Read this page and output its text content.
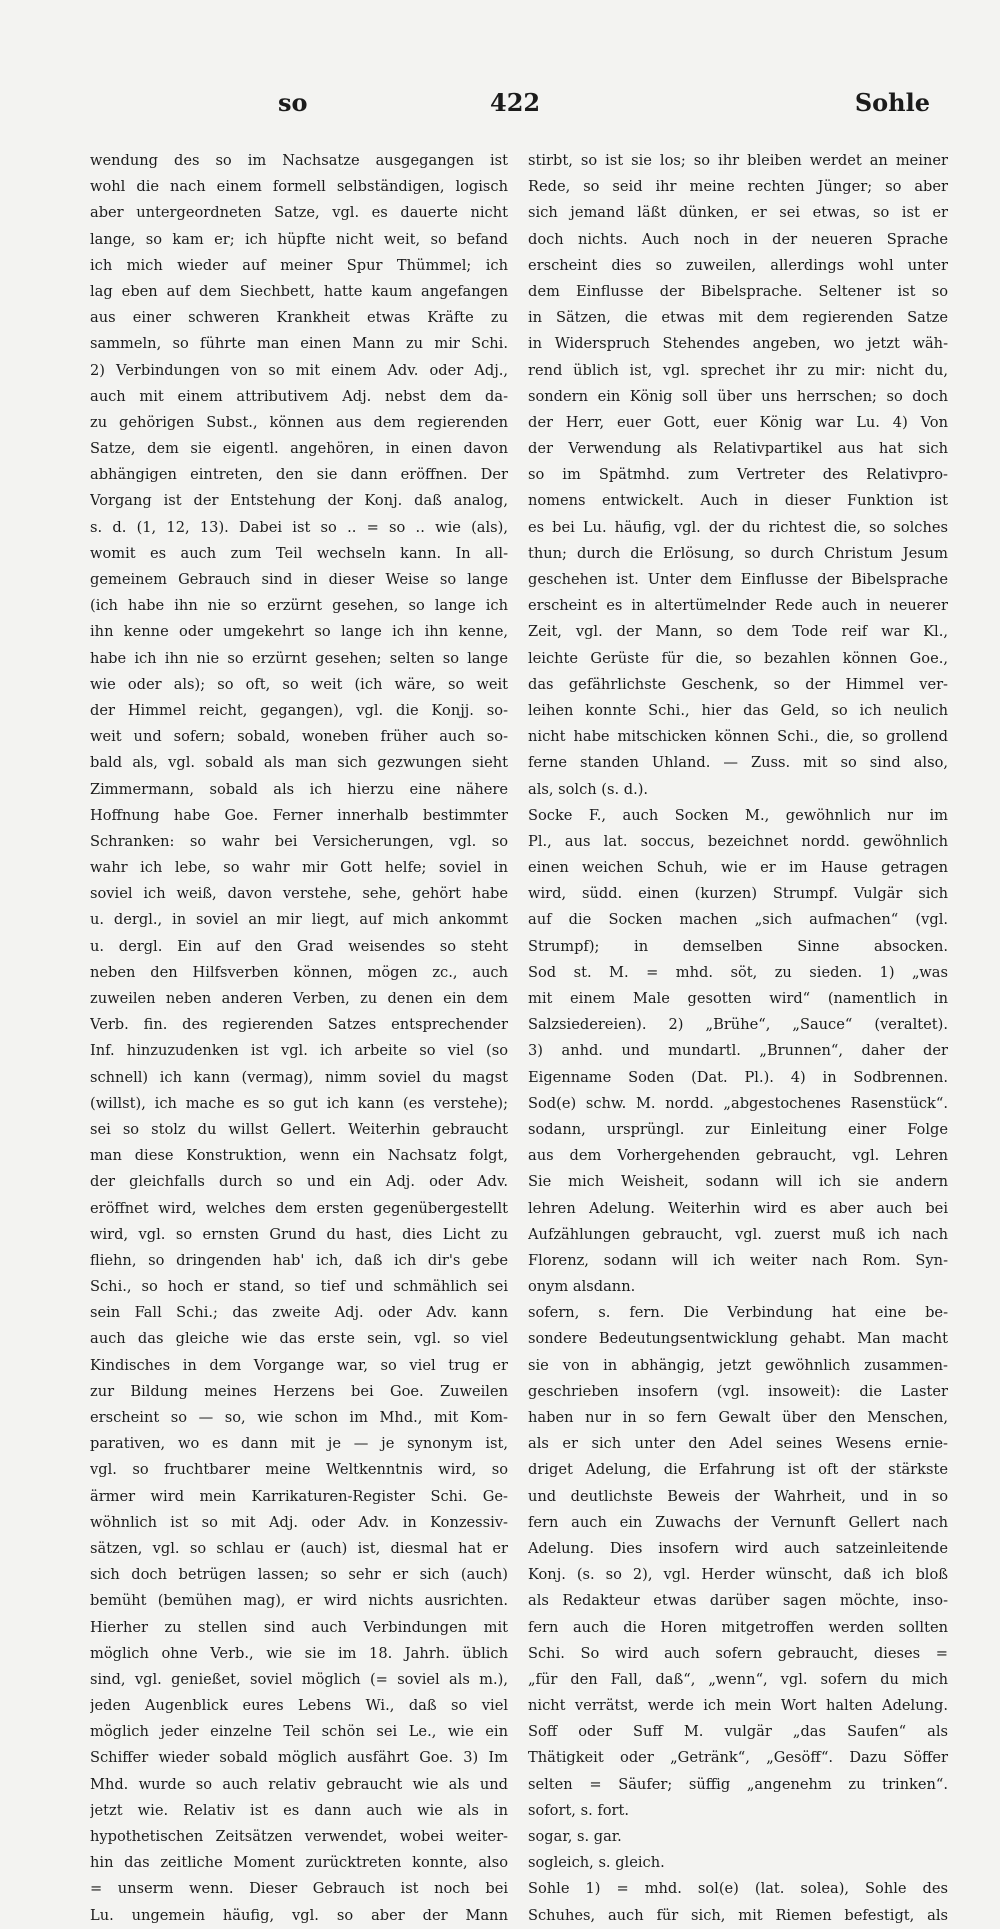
so	422	Sohle
wendung des so im Nachsatze ausgegangen ist
wohl die nach einem formell selbständigen, logisch
aber untergeordneten Satze, vgl. es dauerte nicht
lange, so kam er; ich hüpfte nicht weit, so befand
ich mich wieder auf meiner Spur Thümmel; ich
lag eben auf dem Siechbett, hatte kaum angefangen
aus einer schweren Krankheit etwas Kräfte zu
sammeln, so führte man einen Mann zu mir Schi.
2) Verbindungen von so mit einem Adv. oder Adj.,
auch mit einem attributivem Adj. nebst dem da-
zu gehörigen Subst., können aus dem regierenden
Satze, dem sie eigentl. angehören, in einen davon
abhängigen eintreten, den sie dann eröffnen. Der
Vorgang ist der Entstehung der Konj. daß analog,
s. d. (1, 12, 13). Dabei ist so .. = so .. wie (als),
womit es auch zum Teil wechseln kann. In all-
gemeinem Gebrauch sind in dieser Weise so lange
(ich habe ihn nie so erzürnt gesehen, so lange ich
ihn kenne oder umgekehrt so lange ich ihn kenne,
habe ich ihn nie so erzürnt gesehen; selten so lange
wie oder als); so oft, so weit (ich wäre, so weit
der Himmel reicht, gegangen), vgl. die Konjj. so-
weit und sofern; sobald, woneben früher auch so-
bald als, vgl. sobald als man sich gezwungen sieht
Zimmermann, sobald als ich hierzu eine nähere
Hoffnung habe Goe. Ferner innerhalb bestimmter
Schranken: so wahr bei Versicherungen, vgl. so
wahr ich lebe, so wahr mir Gott helfe; soviel in
soviel ich weiß, davon verstehe, sehe, gehört habe
u. dergl., in soviel an mir liegt, auf mich ankommt
u. dergl. Ein auf den Grad weisendes so steht
neben den Hilfsverben können, mögen zc., auch
zuweilen neben anderen Verben, zu denen ein dem
Verb. fin. des regierenden Satzes entsprechender
Inf. hinzuzudenken ist vgl. ich arbeite so viel (so
schnell) ich kann (vermag), nimm soviel du magst
(willst), ich mache es so gut ich kann (es verstehe);
sei so stolz du willst Gellert. Weiterhin gebraucht
man diese Konstruktion, wenn ein Nachsatz folgt,
der gleichfalls durch so und ein Adj. oder Adv.
eröffnet wird, welches dem ersten gegenübergestellt
wird, vgl. so ernsten Grund du hast, dies Licht zu
fliehn, so dringenden hab' ich, daß ich dir's gebe
Schi., so hoch er stand, so tief und schmählich sei
sein Fall Schi.; das zweite Adj. oder Adv. kann
auch das gleiche wie das erste sein, vgl. so viel
Kindisches in dem Vorgange war, so viel trug er
zur Bildung meines Herzens bei Goe. Zuweilen
erscheint so — so, wie schon im Mhd., mit Kom-
parativen, wo es dann mit je — je synonym ist,
vgl. so fruchtbarer meine Weltkenntnis wird, so
ärmer wird mein Karrikaturen-Register Schi. Ge-
wöhnlich ist so mit Adj. oder Adv. in Konzessiv-
sätzen, vgl. so schlau er (auch) ist, diesmal hat er
sich doch betrügen lassen; so sehr er sich (auch)
bemüht (bemühen mag), er wird nichts ausrichten.
Hierher zu stellen sind auch Verbindungen mit
möglich ohne Verb., wie sie im 18. Jahrh. üblich
sind, vgl. genießet, soviel möglich (= soviel als m.),
jeden Augenblick eures Lebens Wi., daß so viel
möglich jeder einzelne Teil schön sei Le., wie ein
Schiffer wieder sobald möglich ausfährt Goe. 3) Im
Mhd. wurde so auch relativ gebraucht wie als und
jetzt wie. Relativ ist es dann auch wie als in
hypothetischen Zeitsätzen verwendet, wobei weiter-
hin das zeitliche Moment zurücktreten konnte, also
= unserm wenn. Dieser Gebrauch ist noch bei
Lu. ungemein häufig, vgl. so aber der Mann
stirbt, so ist sie los; so ihr bleiben werdet an meiner
Rede, so seid ihr meine rechten Jünger; so aber
sich jemand läßt dünken, er sei etwas, so ist er
doch nichts. Auch noch in der neueren Sprache
erscheint dies so zuweilen, allerdings wohl unter
dem Einflusse der Bibelsprache. Seltener ist so
in Sätzen, die etwas mit dem regierenden Satze
in Widerspruch Stehendes angeben, wo jetzt wäh-
rend üblich ist, vgl. sprechet ihr zu mir: nicht du,
sondern ein König soll über uns herrschen; so doch
der Herr, euer Gott, euer König war Lu. 4) Von
der Verwendung als Relativpartikel aus hat sich
so im Spätmhd. zum Vertreter des Relativpro-
nomens entwickelt. Auch in dieser Funktion ist
es bei Lu. häufig, vgl. der du richtest die, so solches
thun; durch die Erlösung, so durch Christum Jesum
geschehen ist. Unter dem Einflusse der Bibelsprache
erscheint es in altertümelnder Rede auch in neuerer
Zeit, vgl. der Mann, so dem Tode reif war Kl.,
leichte Gerüste für die, so bezahlen können Goe.,
das gefährlichste Geschenk, so der Himmel ver-
leihen konnte Schi., hier das Geld, so ich neulich
nicht habe mitschicken können Schi., die, so grollend
ferne standen Uhland. — Zuss. mit so sind also,
als, solch (s. d.).
Socke F., auch Socken M., gewöhnlich nur im
Pl., aus lat. soccus, bezeichnet nordd. gewöhnlich
einen weichen Schuh, wie er im Hause getragen
wird, südd. einen (kurzen) Strumpf. Vulgär sich
auf die Socken machen „sich aufmachen“ (vgl.
Strumpf); in demselben Sinne absocken.
Sod st. M. = mhd. söt, zu sieden. 1) „was
mit einem Male gesotten wird“ (namentlich in
Salzsiedereien). 2) „Brühe“, „Sauce“ (veraltet).
3) anhd. und mundartl. „Brunnen“, daher der
Eigenname Soden (Dat. Pl.). 4) in Sodbrennen.
Sod(e) schw. M. nordd. „abgestochenes Rasenstück“.
sodann, ursprüngl. zur Einleitung einer Folge
aus dem Vorhergehenden gebraucht, vgl. Lehren
Sie mich Weisheit, sodann will ich sie andern
lehren Adelung. Weiterhin wird es aber auch bei
Aufzählungen gebraucht, vgl. zuerst muß ich nach
Florenz, sodann will ich weiter nach Rom. Syn-
onym alsdann.
sofern, s. fern. Die Verbindung hat eine be-
sondere Bedeutungsentwicklung gehabt. Man macht
sie von in abhängig, jetzt gewöhnlich zusammen-
geschrieben insofern (vgl. insoweit): die Laster
haben nur in so fern Gewalt über den Menschen,
als er sich unter den Adel seines Wesens ernie-
driget Adelung, die Erfahrung ist oft der stärkste
und deutlichste Beweis der Wahrheit, und in so
fern auch ein Zuwachs der Vernunft Gellert nach
Adelung. Dies insofern wird auch satzeinleitende
Konj. (s. so 2), vgl. Herder wünscht, daß ich bloß
als Redakteur etwas darüber sagen möchte, inso-
fern auch die Horen mitgetroffen werden sollten
Schi. So wird auch sofern gebraucht, dieses =
„für den Fall, daß“, „wenn“, vgl. sofern du mich
nicht verrätst, werde ich mein Wort halten Adelung.
Soff oder Suff M. vulgär „das Saufen“ als
Thätigkeit oder „Getränk“, „Gesöff“. Dazu Söffer
selten = Säufer; süffig „angenehm zu trinken“.
sofort, s. fort.
sogar, s. gar.
sogleich, s. gleich.
Sohle 1) = mhd. sol(e) (lat. solea), Sohle des
Schuhes, auch für sich, mit Riemen befestigt, als
